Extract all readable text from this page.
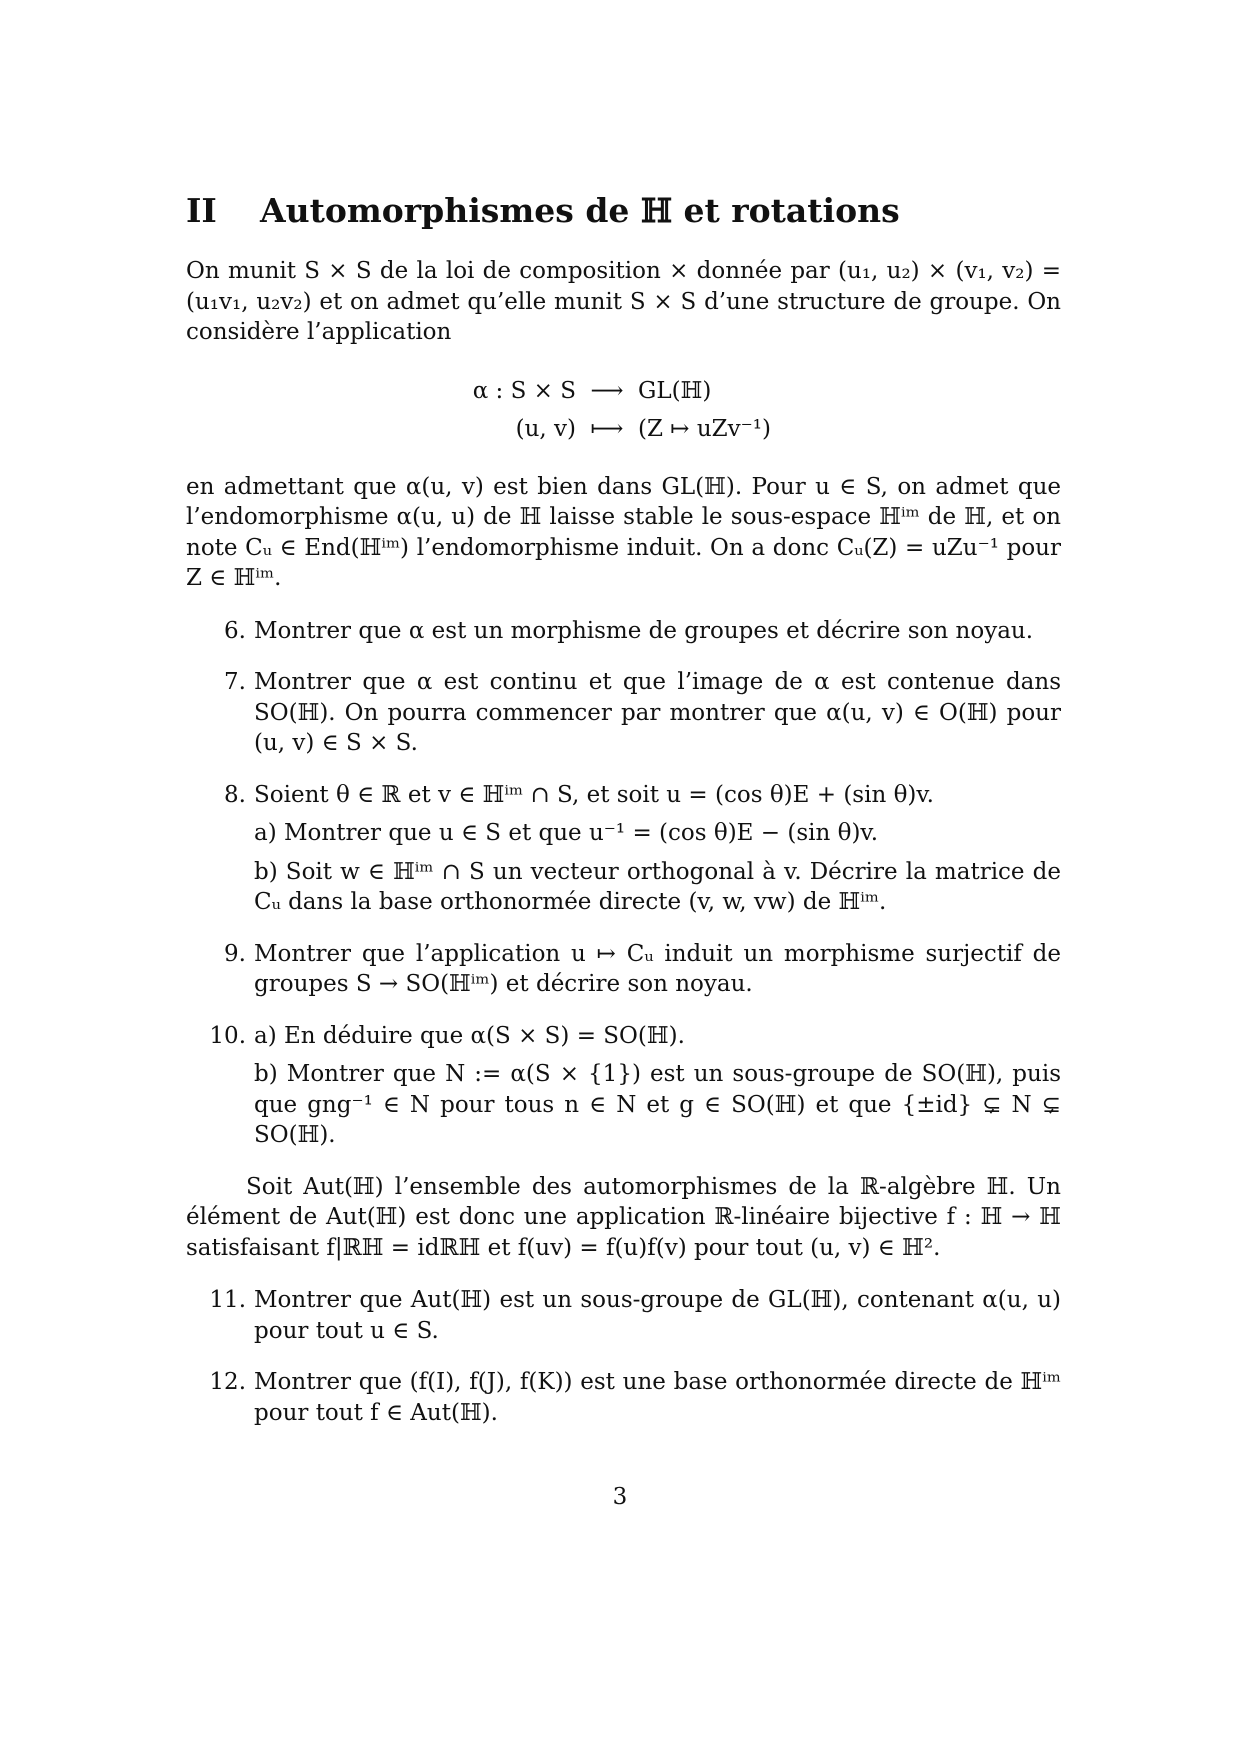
II	Automorphismes de ℍ et rotations

On munit S × S de la loi de composition × donnée par (u₁, u₂) × (v₁, v₂) = (u₁v₁, u₂v₂) et on admet qu’elle munit S × S d’une structure de groupe. On considère l’application

α : S × S ⟶ GL(ℍ)
(u, v) ⟼ (Z ↦ uZv⁻¹)

en admettant que α(u, v) est bien dans GL(ℍ). Pour u ∈ S, on admet que l’endomorphisme α(u, u) de ℍ laisse stable le sous-espace ℍⁱᵐ de ℍ, et on note Cᵤ ∈ End(ℍⁱᵐ) l’endomorphisme induit. On a donc Cᵤ(Z) = uZu⁻¹ pour Z ∈ ℍⁱᵐ.

6. Montrer que α est un morphisme de groupes et décrire son noyau.
7. Montrer que α est continu et que l’image de α est contenue dans SO(ℍ). On pourra commencer par montrer que α(u, v) ∈ O(ℍ) pour (u, v) ∈ S × S.
8. Soient θ ∈ ℝ et v ∈ ℍⁱᵐ ∩ S, et soit u = (cos θ)E + (sin θ)v.
a) Montrer que u ∈ S et que u⁻¹ = (cos θ)E − (sin θ)v.
b) Soit w ∈ ℍⁱᵐ ∩ S un vecteur orthogonal à v. Décrire la matrice de Cᵤ dans la base orthonormée directe (v, w, vw) de ℍⁱᵐ.
9. Montrer que l’application u ↦ Cᵤ induit un morphisme surjectif de groupes S → SO(ℍⁱᵐ) et décrire son noyau.
10. a) En déduire que α(S × S) = SO(ℍ).
b) Montrer que N := α(S × {1}) est un sous-groupe de SO(ℍ), puis que gng⁻¹ ∈ N pour tous n ∈ N et g ∈ SO(ℍ) et que {±id} ⊊ N ⊊ SO(ℍ).

Soit Aut(ℍ) l’ensemble des automorphismes de la ℝ-algèbre ℍ. Un élément de Aut(ℍ) est donc une application ℝ-linéaire bijective f : ℍ → ℍ satisfaisant f|ℝℍ = idℝℍ et f(uv) = f(u)f(v) pour tout (u, v) ∈ ℍ².

11. Montrer que Aut(ℍ) est un sous-groupe de GL(ℍ), contenant α(u, u) pour tout u ∈ S.
12. Montrer que (f(I), f(J), f(K)) est une base orthonormée directe de ℍⁱᵐ pour tout f ∈ Aut(ℍ).
3
